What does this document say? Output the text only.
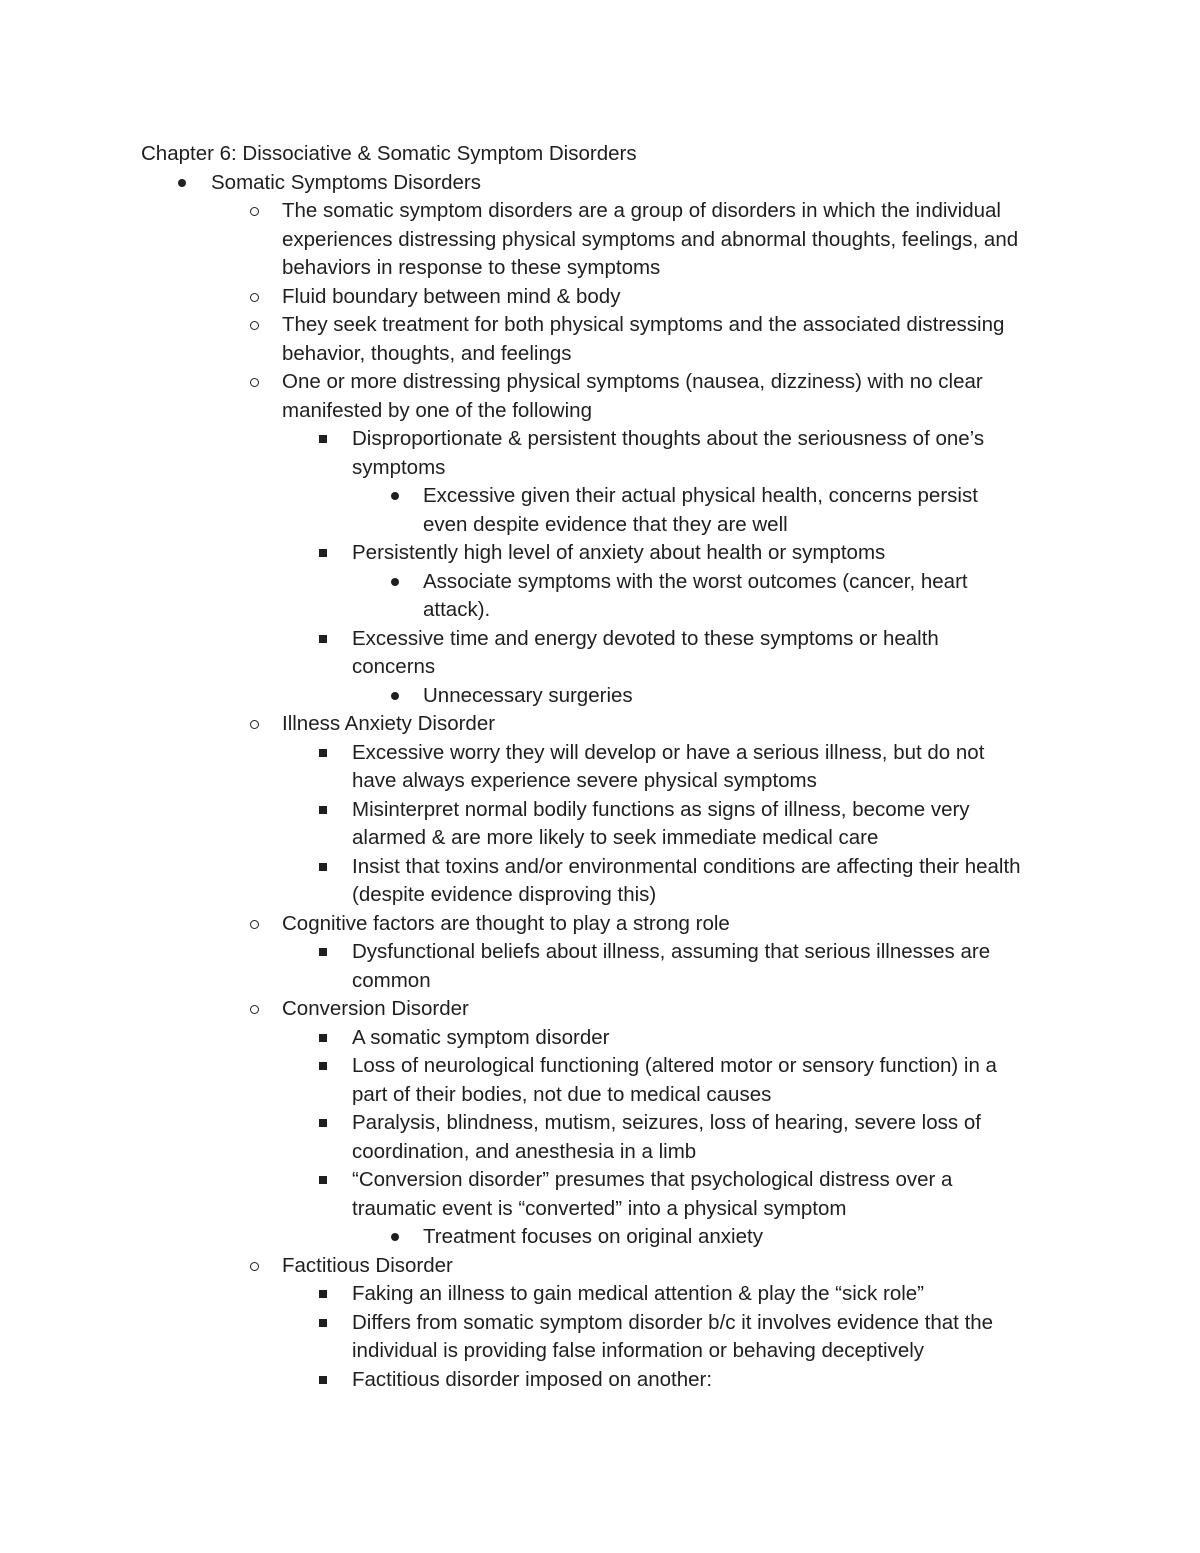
Chapter 6: Dissociative & Somatic Symptom Disorders
Somatic Symptoms Disorders
The somatic symptom disorders are a group of disorders in which the individual
experiences distressing physical symptoms and abnormal thoughts, feelings, and
behaviors in response to these symptoms
Fluid boundary between mind & body
They seek treatment for both physical symptoms and the associated distressing
behavior, thoughts, and feelings
One or more distressing physical symptoms (nausea, dizziness) with no clear
manifested by one of the following
Disproportionate & persistent thoughts about the seriousness of one’s
symptoms
Excessive given their actual physical health, concerns persist
even despite evidence that they are well
Persistently high level of anxiety about health or symptoms
Associate symptoms with the worst outcomes (cancer, heart
attack).
Excessive time and energy devoted to these symptoms or health
concerns
Unnecessary surgeries
Illness Anxiety Disorder
Excessive worry they will develop or have a serious illness, but do not
have always experience severe physical symptoms
Misinterpret normal bodily functions as signs of illness, become very
alarmed & are more likely to seek immediate medical care
Insist that toxins and/or environmental conditions are affecting their health
(despite evidence disproving this)
Cognitive factors are thought to play a strong role
Dysfunctional beliefs about illness, assuming that serious illnesses are
common
Conversion Disorder
A somatic symptom disorder
Loss of neurological functioning (altered motor or sensory function) in a
part of their bodies, not due to medical causes
Paralysis, blindness, mutism, seizures, loss of hearing, severe loss of
coordination, and anesthesia in a limb
“Conversion disorder” presumes that psychological distress over a
traumatic event is “converted” into a physical symptom
Treatment focuses on original anxiety
Factitious Disorder
Faking an illness to gain medical attention & play the “sick role”
Differs from somatic symptom disorder b/c it involves evidence that the
individual is providing false information or behaving deceptively
Factitious disorder imposed on another:
